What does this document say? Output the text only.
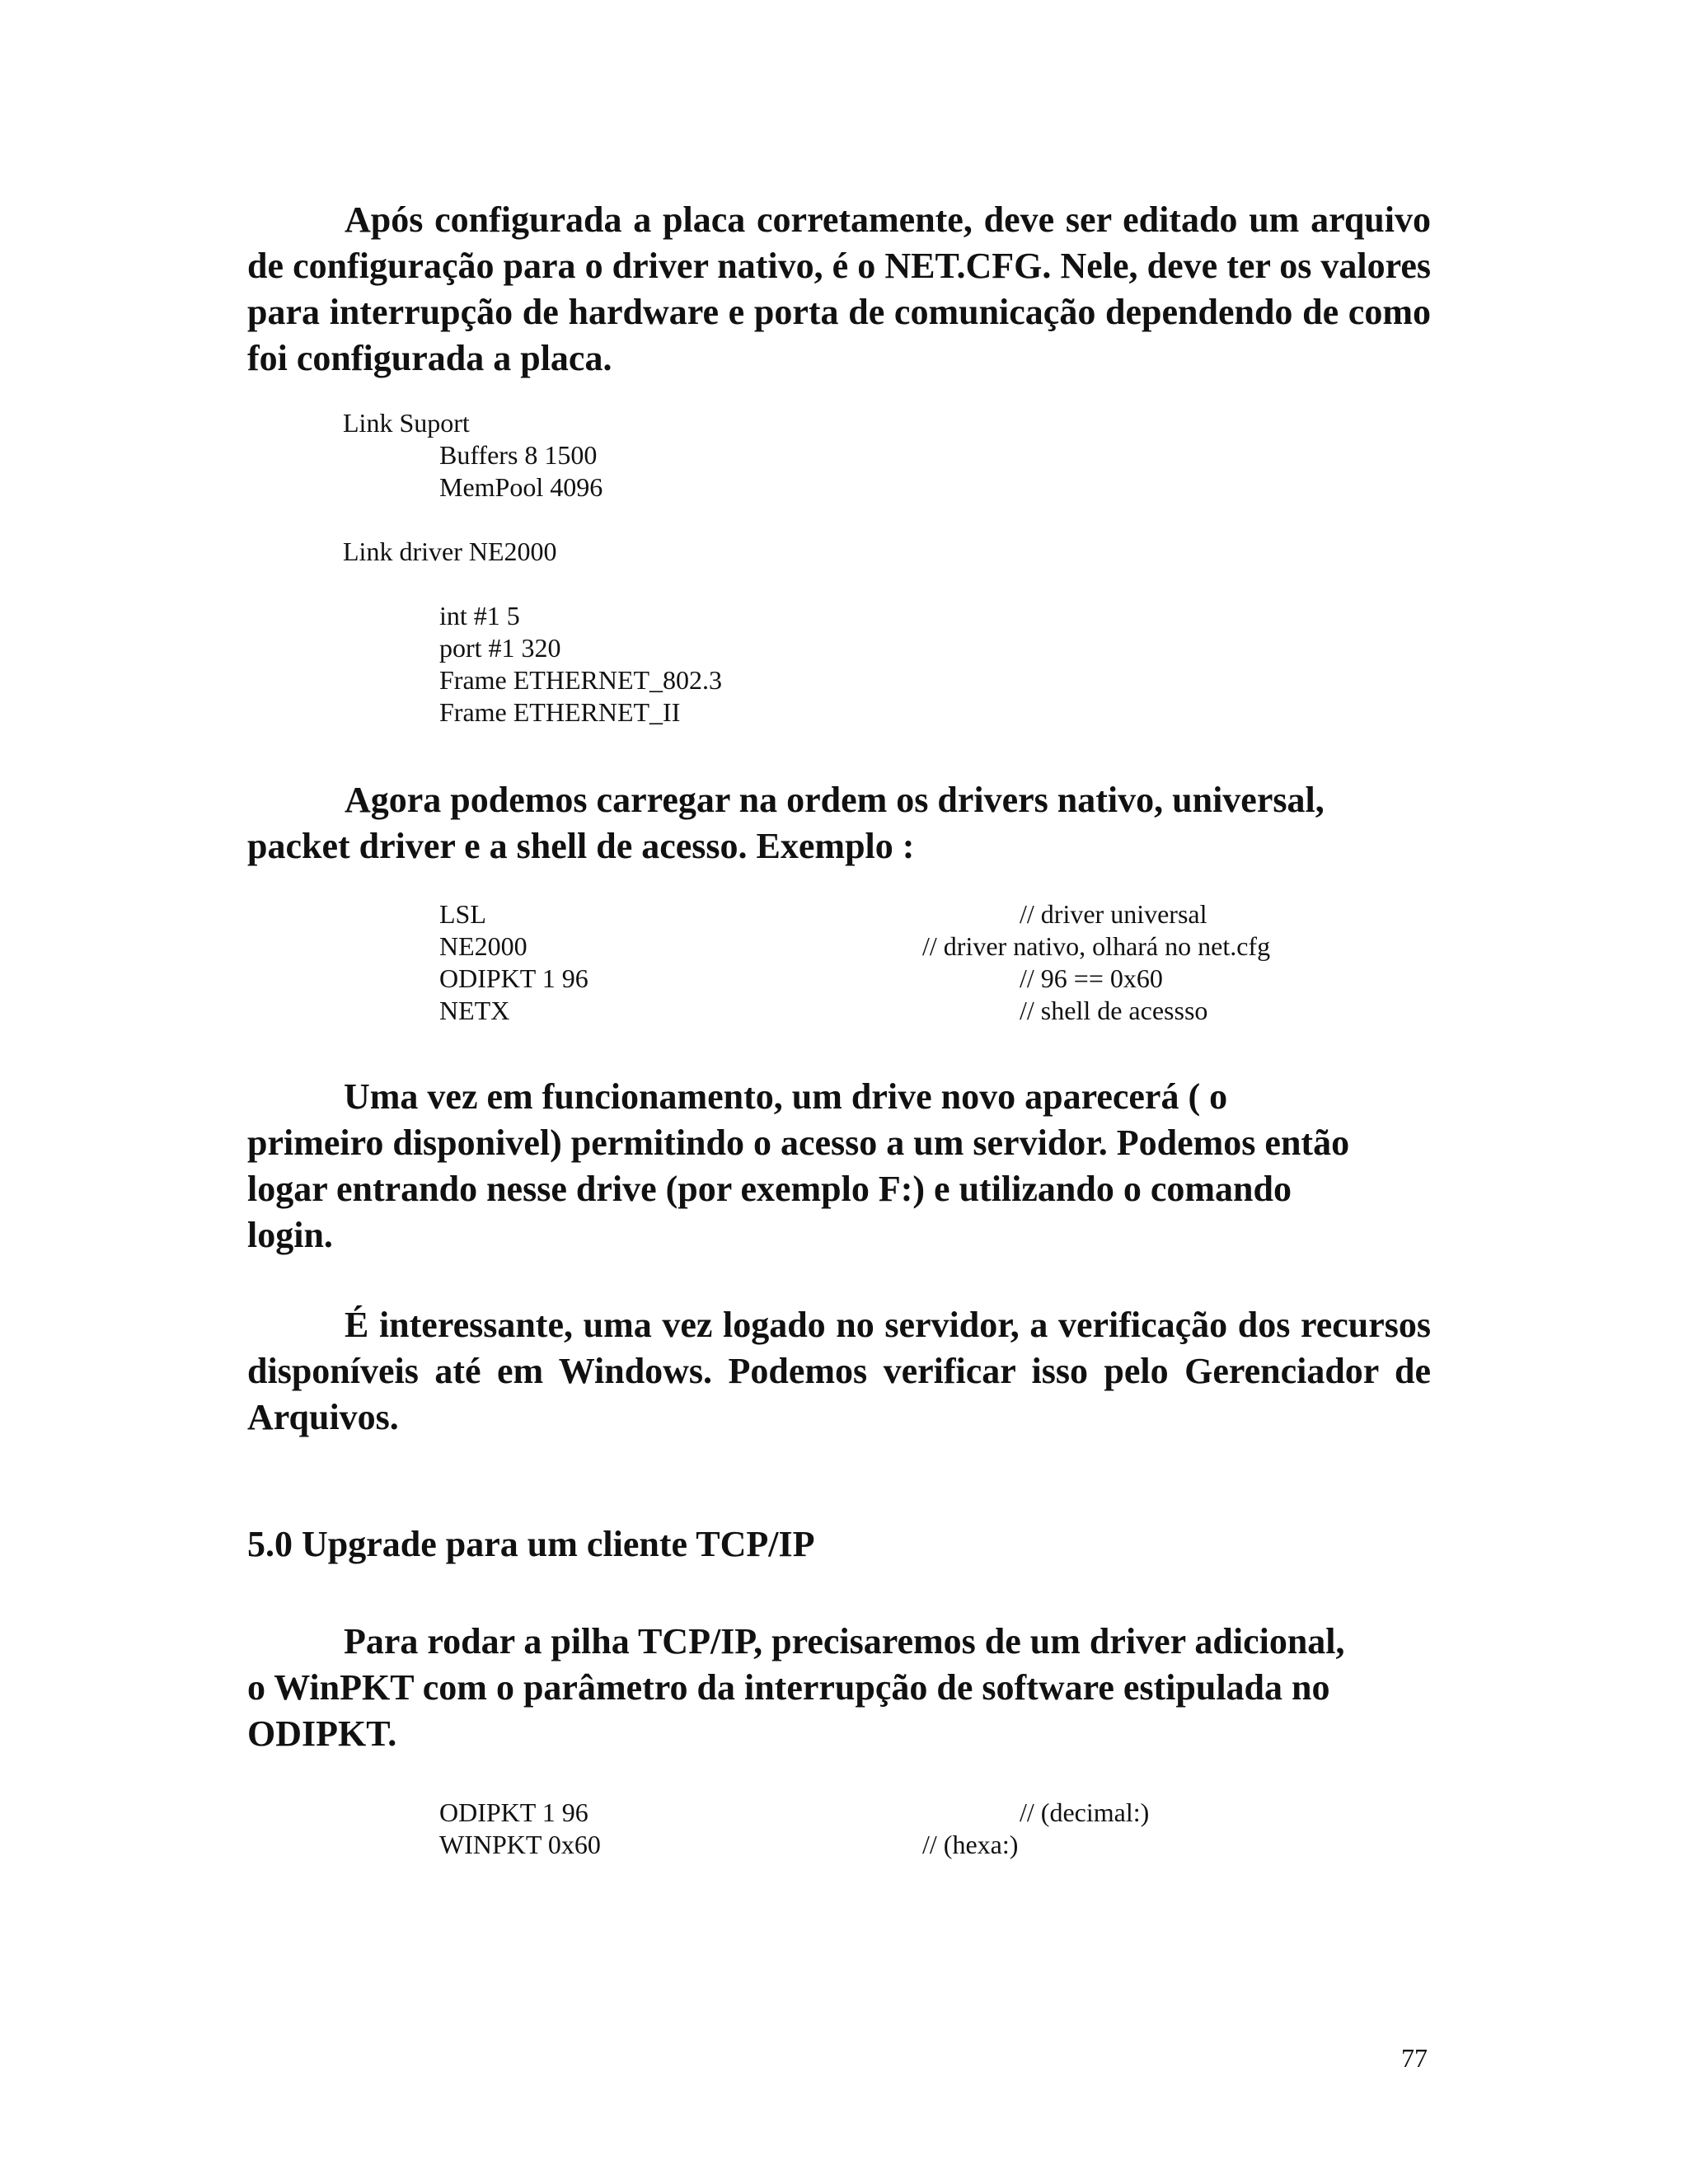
Após configurada a placa corretamente, deve ser editado um arquivo de configuração para o driver nativo, é o NET.CFG. Nele, deve ter os valores para interrupção de hardware e porta de comunicação dependendo de como foi configurada a placa.

Link Suport
Buffers 8 1500
MemPool 4096
Link driver NE2000
int #1 5
port #1 320
Frame ETHERNET_802.3
Frame ETHERNET_II

Agora podemos carregar na ordem os drivers nativo, universal, packet driver e a shell de acesso. Exemplo :

LSL	// driver universal
NE2000	// driver nativo, olhará no net.cfg
ODIPKT 1 96	// 96 == 0x60
NETX	// shell de acessso
Uma vez em funcionamento, um drive novo aparecerá ( o
primeiro disponivel) permitindo o acesso a um servidor. Podemos então
logar entrando nesse drive (por exemplo F:) e utilizando o comando
login.

É interessante, uma vez logado no servidor, a verificação dos recursos disponíveis até em Windows. Podemos verificar isso pelo Gerenciador de Arquivos.

5.0 Upgrade para um cliente TCP/IP
Para rodar a pilha TCP/IP, precisaremos de um driver adicional,
o WinPKT com o parâmetro da interrupção de software estipulada no
ODIPKT.
ODIPKT 1 96	// (decimal:)
WINPKT 0x60	// (hexa:)
77
